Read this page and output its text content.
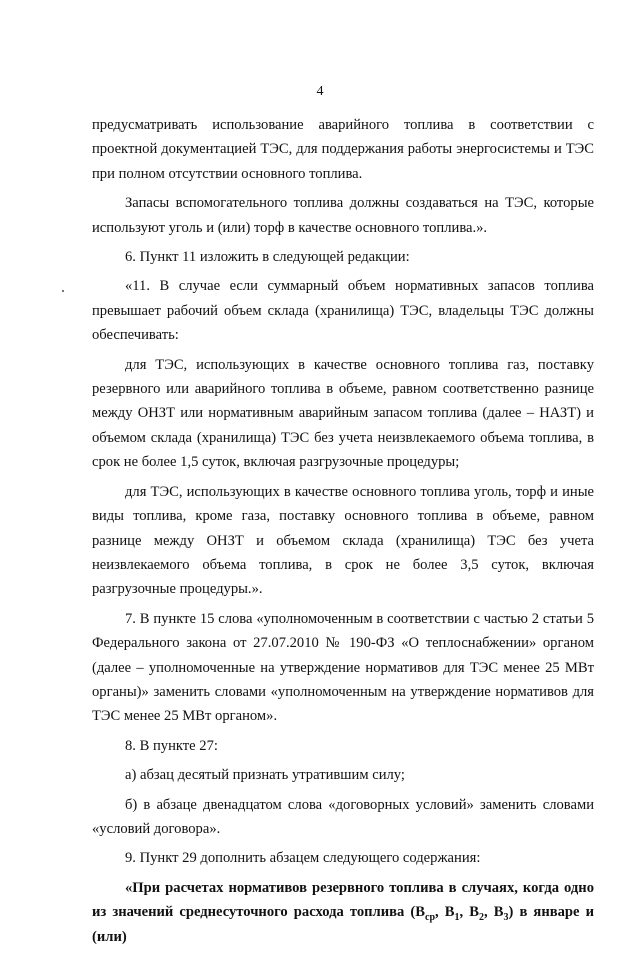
4

предусматривать использование аварийного топлива в соответствии с проектной документацией ТЭС, для поддержания работы энергосистемы и ТЭС при полном отсутствии основного топлива.

Запасы вспомогательного топлива должны создаваться на ТЭС, которые используют уголь и (или) торф в качестве основного топлива.».

6. Пункт 11 изложить в следующей редакции:

«11. В случае если суммарный объем нормативных запасов топлива превышает рабочий объем склада (хранилища) ТЭС, владельцы ТЭС должны обеспечивать:

для ТЭС, использующих в качестве основного топлива газ, поставку резервного или аварийного топлива в объеме, равном соответственно разнице между ОНЗТ или нормативным аварийным запасом топлива (далее – НАЗТ) и объемом склада (хранилища) ТЭС без учета неизвлекаемого объема топлива, в срок не более 1,5 суток, включая разгрузочные процедуры;

для ТЭС, использующих в качестве основного топлива уголь, торф и иные виды топлива, кроме газа, поставку основного топлива в объеме, равном разнице между ОНЗТ и объемом склада (хранилища) ТЭС без учета неизвлекаемого объема топлива, в срок не более 3,5 суток, включая разгрузочные процедуры.».

7. В пункте 15 слова «уполномоченным в соответствии с частью 2 статьи 5 Федерального закона от 27.07.2010 № 190-ФЗ «О теплоснабжении» органом (далее – уполномоченные на утверждение нормативов для ТЭС менее 25 МВт органы)» заменить словами «уполномоченным на утверждение нормативов для ТЭС менее 25 МВт органом».

8. В пункте 27:

а) абзац десятый признать утратившим силу;

б) в абзаце двенадцатом слова «договорных условий» заменить словами «условий договора».

9. Пункт 29 дополнить абзацем следующего содержания:

«При расчетах нормативов резервного топлива в случаях, когда одно из значений среднесуточного расхода топлива ($B_{ср}$, $B_1$, $B_2$, $B_3$) в январе и (или)
